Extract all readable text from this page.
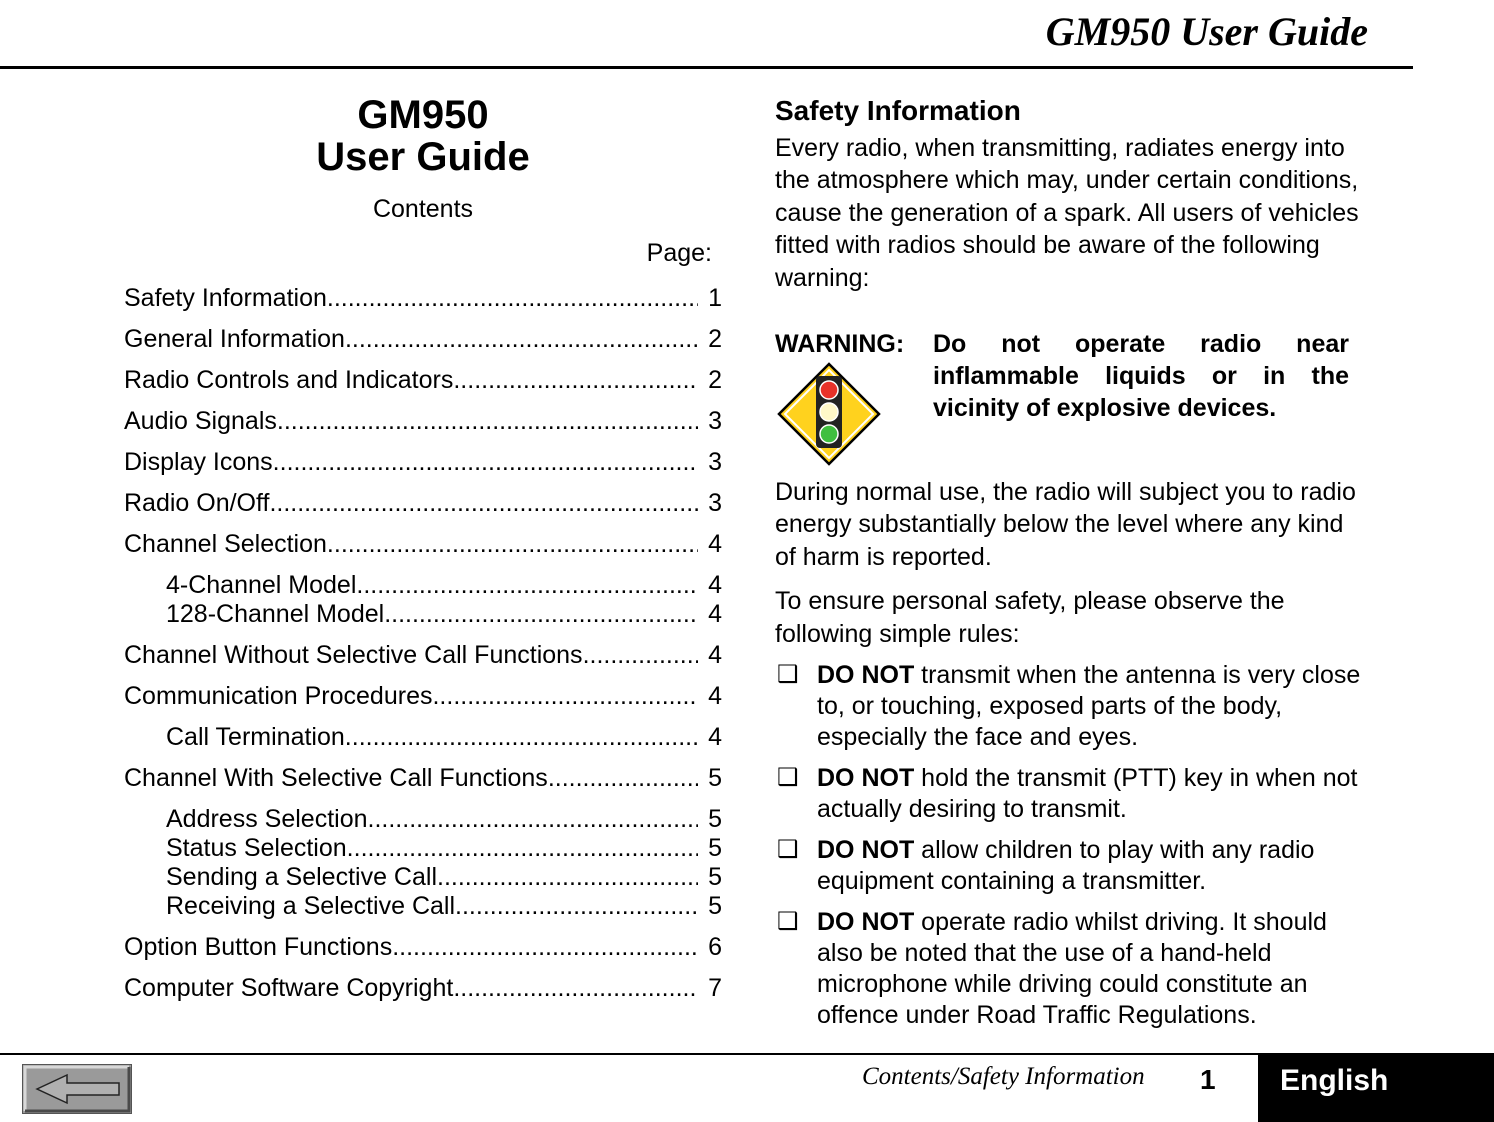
GM950 User Guide
GM950
User Guide
Contents
Page:
Safety Information .....	1
General Information .....	2
Radio Controls and Indicators .....	2
Audio Signals .....	3
Display Icons .....	3
Radio On/Off .....	3
Channel Selection .....	4
4-Channel Model .....	4
128-Channel Model .....	4
Channel Without Selective Call Functions .....	4
Communication Procedures .....	4
Call Termination .....	4
Channel With Selective Call Functions .....	5
Address Selection .....	5
Status Selection .....	5
Sending a Selective Call .....	5
Receiving a Selective Call .....	5
Option Button Functions .....	6
Computer Software Copyright .....	7
Safety Information

Every radio, when transmitting, radiates energy into the atmosphere which may, under certain conditions, cause the generation of a spark. All users of vehicles fitted with radios should be aware of the following warning:

WARNING: Do not operate radio near inflammable liquids or in the vicinity of explosive devices.

During normal use, the radio will subject you to radio energy substantially below the level where any kind of harm is reported.

To ensure personal safety, please observe the following simple rules:

❑ DO NOT transmit when the antenna is very close to, or touching, exposed parts of the body, especially the face and eyes.
❑ DO NOT hold the transmit (PTT) key in when not actually desiring to transmit.
❑ DO NOT allow children to play with any radio equipment containing a transmitter.
❑ DO NOT operate radio whilst driving. It should also be noted that the use of a hand-held microphone while driving could constitute an offence under Road Traffic Regulations.
Contents/Safety Information	1 English
